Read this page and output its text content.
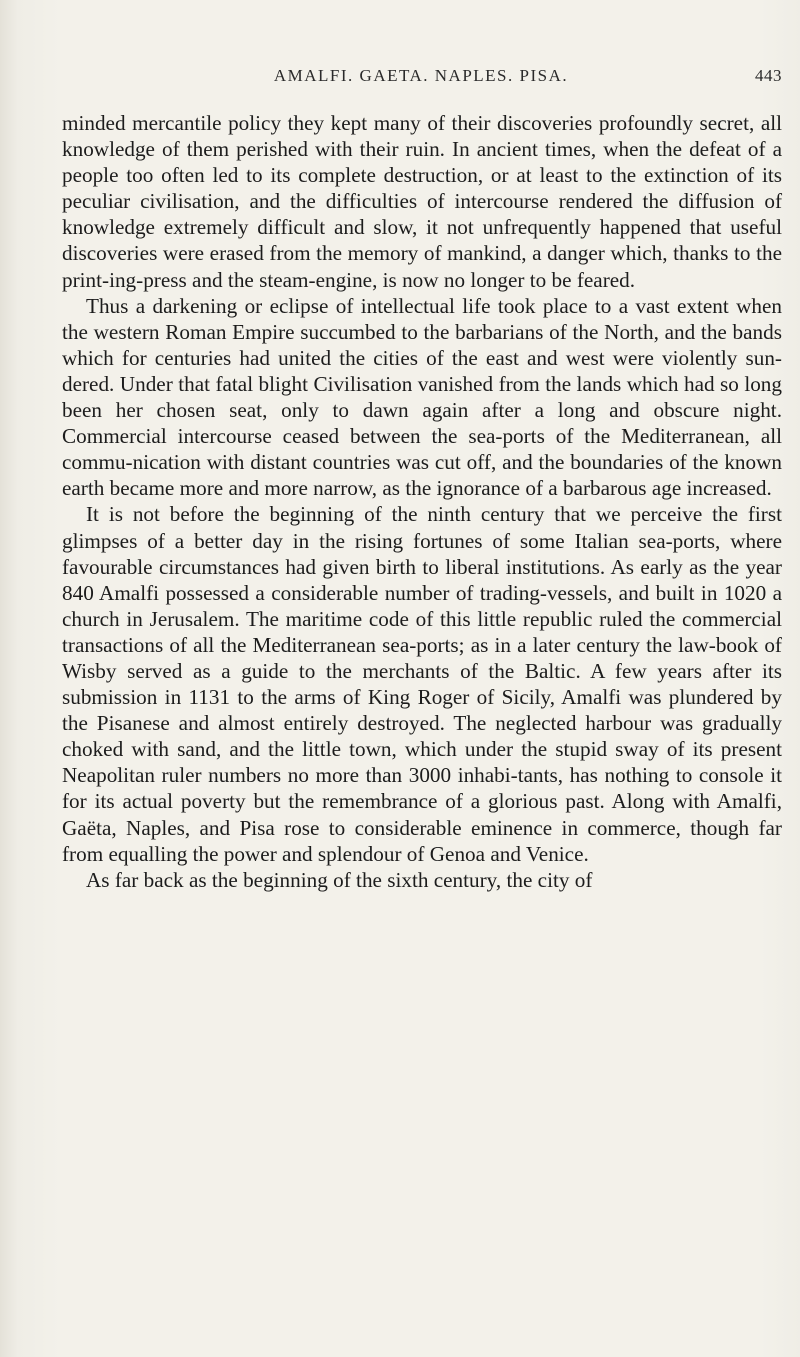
AMALFI. GAETA. NAPLES. PISA.	443

minded mercantile policy they kept many of their discoveries profoundly secret, all knowledge of them perished with their ruin. In ancient times, when the defeat of a people too often led to its complete destruction, or at least to the extinction of its peculiar civilisation, and the difficulties of intercourse rendered the diffusion of knowledge extremely difficult and slow, it not unfrequently happened that useful discoveries were erased from the memory of mankind, a danger which, thanks to the print-ing-press and the steam-engine, is now no longer to be feared.

Thus a darkening or eclipse of intellectual life took place to a vast extent when the western Roman Empire succumbed to the barbarians of the North, and the bands which for centuries had united the cities of the east and west were violently sun-dered. Under that fatal blight Civilisation vanished from the lands which had so long been her chosen seat, only to dawn again after a long and obscure night. Commercial intercourse ceased between the sea-ports of the Mediterranean, all commu-nication with distant countries was cut off, and the boundaries of the known earth became more and more narrow, as the ignorance of a barbarous age increased.

It is not before the beginning of the ninth century that we perceive the first glimpses of a better day in the rising fortunes of some Italian sea-ports, where favourable circumstances had given birth to liberal institutions. As early as the year 840 Amalfi possessed a considerable number of trading-vessels, and built in 1020 a church in Jerusalem. The maritime code of this little republic ruled the commercial transactions of all the Mediterranean sea-ports; as in a later century the law-book of Wisby served as a guide to the merchants of the Baltic. A few years after its submission in 1131 to the arms of King Roger of Sicily, Amalfi was plundered by the Pisanese and almost entirely destroyed. The neglected harbour was gradually choked with sand, and the little town, which under the stupid sway of its present Neapolitan ruler numbers no more than 3000 inhabi-tants, has nothing to console it for its actual poverty but the remembrance of a glorious past. Along with Amalfi, Gaëta, Naples, and Pisa rose to considerable eminence in commerce, though far from equalling the power and splendour of Genoa and Venice.

As far back as the beginning of the sixth century, the city of
